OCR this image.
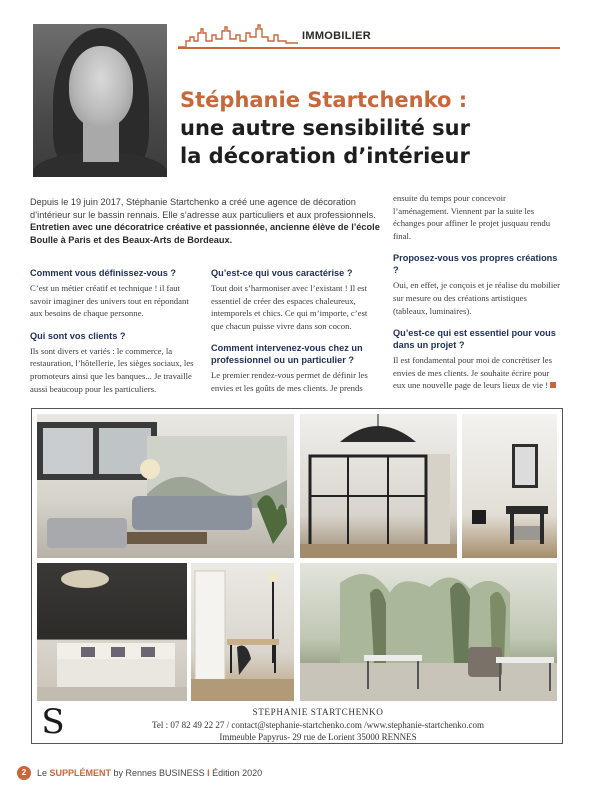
IMMOBILIER
Stéphanie Startchenko :
une autre sensibilité sur
la décoration d’intérieur
Depuis le 19 juin 2017, Stéphanie Startchenko a créé une agence de décoration d’intérieur sur le bassin rennais. Elle s’adresse aux particuliers et aux professionnels. Entretien avec une décoratrice créative et passionnée, ancienne élève de l’école Boulle à Paris et des Beaux-Arts de Bordeaux.
Comment vous définissez-vous ?
C’est un métier créatif et technique ! il faut savoir imaginer des univers tout en répondant aux besoins de chaque personne.
Qui sont vos clients ?
Ils sont divers et variés : le commerce, la restauration, l’hôtellerie, les sièges sociaux, les promoteurs ainsi que les banques... Je travaille aussi beaucoup pour les particuliers.
Qu’est-ce qui vous caractérise ?
Tout doit s’harmoniser avec l’existant ! Il est essentiel de créer des espaces chaleureux, intemporels et chics. Ce qui m’importe, c’est que chacun puisse vivre dans son cocon.
Comment intervenez-vous chez un professionnel ou un particulier ?
Le premier rendez-vous permet de définir les envies et les goûts de mes clients. Je prends
ensuite du temps pour concevoir l’aménagement. Viennent par la suite les échanges pour affiner le projet jusquau rendu final.
Proposez-vous vos propres créations ?
Oui, en effet, je conçois et je réalise du mobilier sur mesure ou des créations artistiques (tableaux, luminaires).
Qu’est-ce qui est essentiel pour vous dans un projet ?
Il est fondamental pour moi de concrétiser les envies de mes clients. Je souhaite écrire pour eux une nouvelle page de leurs lieux de vie !
S	STEPHANIE STARTCHENKO
Tel : 07 82 49 22 27 / contact@stephanie-startchenko.com /www.stephanie-startchenko.com
Immeuble Papyrus- 29 rue de Lorient 35000 RENNES
2 Le SUPPLÉMENT by Rennes BUSINESS I Édition 2020
